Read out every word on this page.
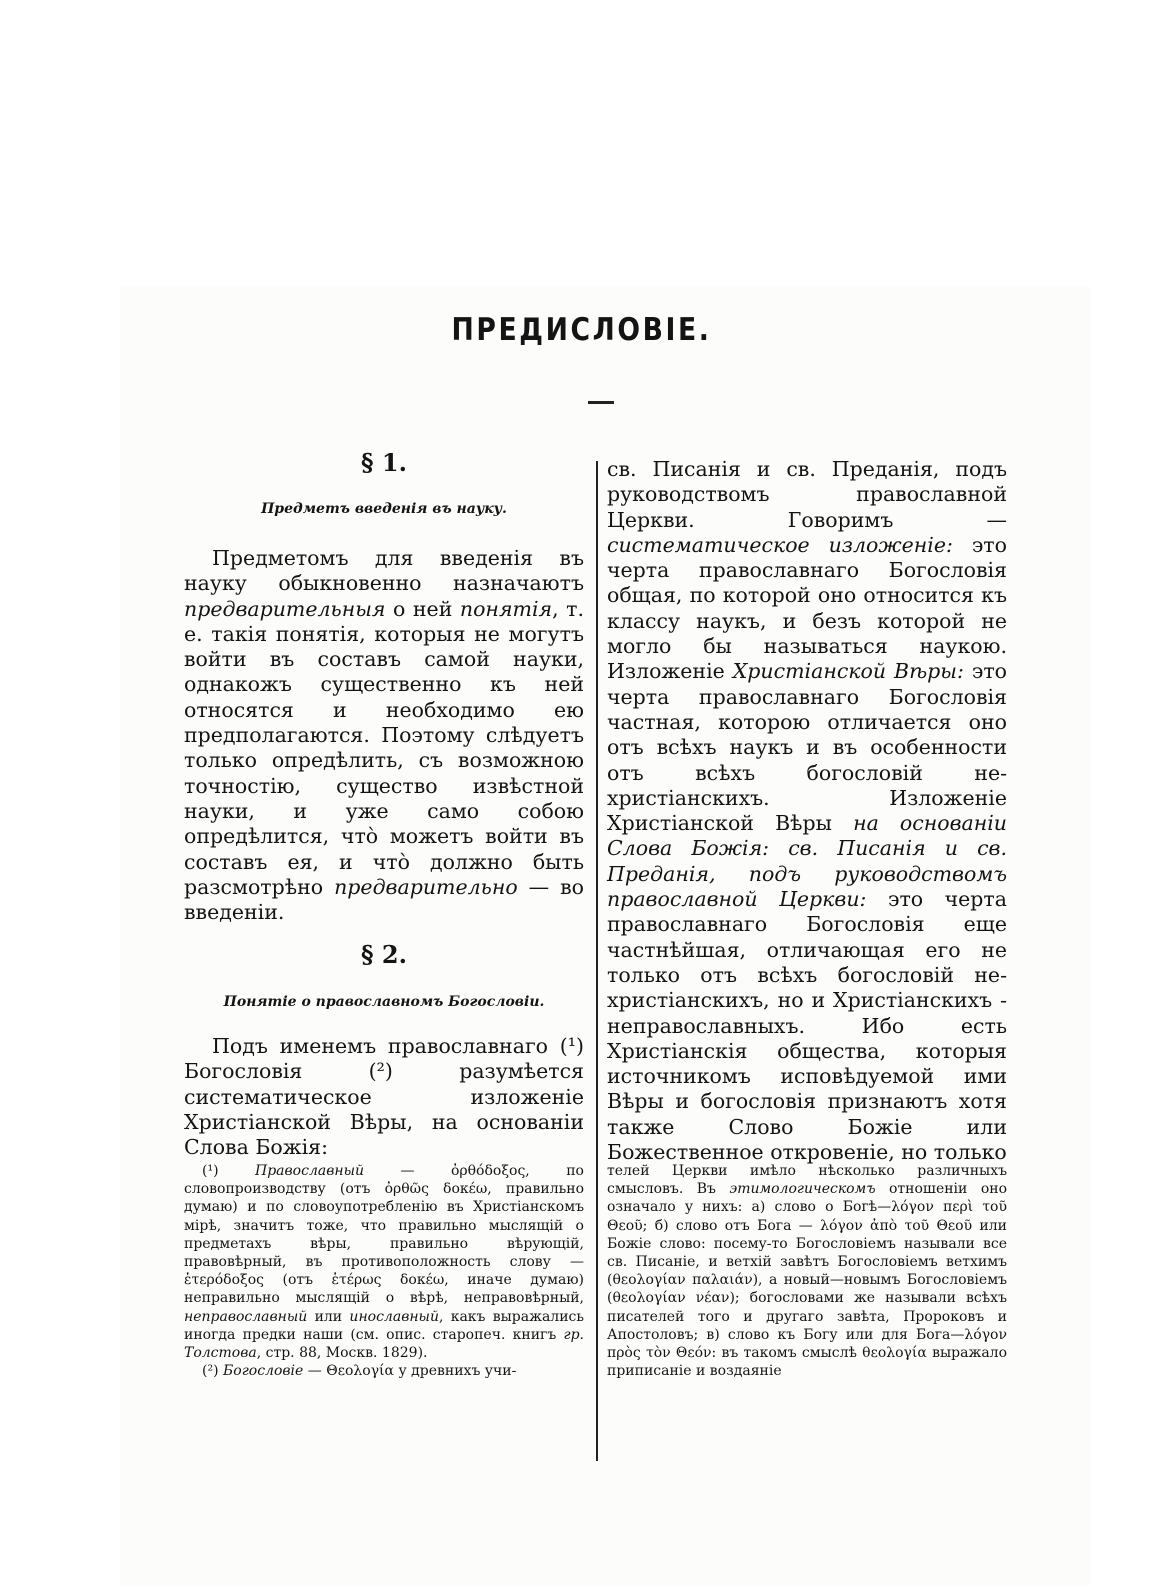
ПРЕДИСЛОВІЕ.
§ 1.
Предметъ введенія въ науку.
Предметомъ для введенія въ науку обыкновенно назначаютъ предварительныя о ней понятія, т. е. такія понятія, которыя не могутъ войти въ составъ самой науки, однакожъ существенно къ ней относятся и необходимо ею предполагаются. Поэтому слѣдуетъ только опредѣлить, съ возможною точностію, существо извѣстной науки, и уже само собою опредѣлится, что̀ можетъ войти въ составъ ея, и что̀ должно быть разсмотрѣно предварительно — во введеніи.
§ 2.
Понятіе о православномъ Богословіи.
Подъ именемъ православнаго (¹) Богословія (²) разумѣется систематическое изложеніе Христіанской Вѣры, на основаніи Слова Божія:

(¹) Православный — ὀρθόδοξος, по словопроизводству (отъ ὀρθῶς δοκέω, правильно думаю) и по словоупотребленію въ Христіанскомъ мірѣ, значитъ тоже, что правильно мыслящій о предметахъ вѣры, правильно вѣрующій, правовѣрный, въ противоположность слову — ἑτερόδοξος (отъ ἑτέρως δοκέω, иначе думаю) неправильно мыслящій о вѣрѣ, неправовѣрный, неправославный или инославный, какъ выражались иногда предки наши (см. опис. старопеч. книгъ гр. Толстова, стр. 88, Москв. 1829).

(²) Богословіе — Θεολογία у древнихъ учи-

св. Писанія и св. Преданія, подъ руководствомъ православной Церкви. Говоримъ — систематическое изложеніе: это черта православнаго Богословія общая, по которой оно относится къ классу наукъ, и безъ которой не могло бы называться наукою. Изложеніе Христіанской Вѣры: это черта православнаго Богословія частная, которою отличается оно отъ всѣхъ наукъ и въ особенности отъ всѣхъ богословій не-христіанскихъ. Изложеніе Христіанской Вѣры на основаніи Слова Божія: св. Писанія и св. Преданія, подъ руководствомъ православной Церкви: это черта православнаго Богословія еще частнѣйшая, отличающая его не только отъ всѣхъ богословій не-христіанскихъ, но и Христіанскихъ - неправославныхъ. Ибо есть Христіанскія общества, которыя источникомъ исповѣдуемой ими Вѣры и богословія признаютъ хотя также Слово Божіе или Божественное откровеніе, но только

телей Церкви имѣло нѣсколько различныхъ смысловъ. Въ этимологическомъ отношеніи оно означало у нихъ: а) слово о Богѣ—λόγον περὶ τοῦ Θεοῦ; б) слово отъ Бога — λόγον ἀπὸ τοῦ Θεοῦ или Божіе слово: посему-то Богословіемъ называли все св. Писаніе, и ветхій завѣтъ Богословіемъ ветхимъ (θεολογίαν παλαιάν), а новый—новымъ Богословіемъ (θεολογίαν νέαν); богословами же называли всѣхъ писателей того и другаго завѣта, Пророковъ и Апостоловъ; в) слово къ Богу или для Бога—λόγον πρὸς τὸν Θεόν: въ такомъ смыслѣ θεολογία выражало приписаніе и воздаяніе
